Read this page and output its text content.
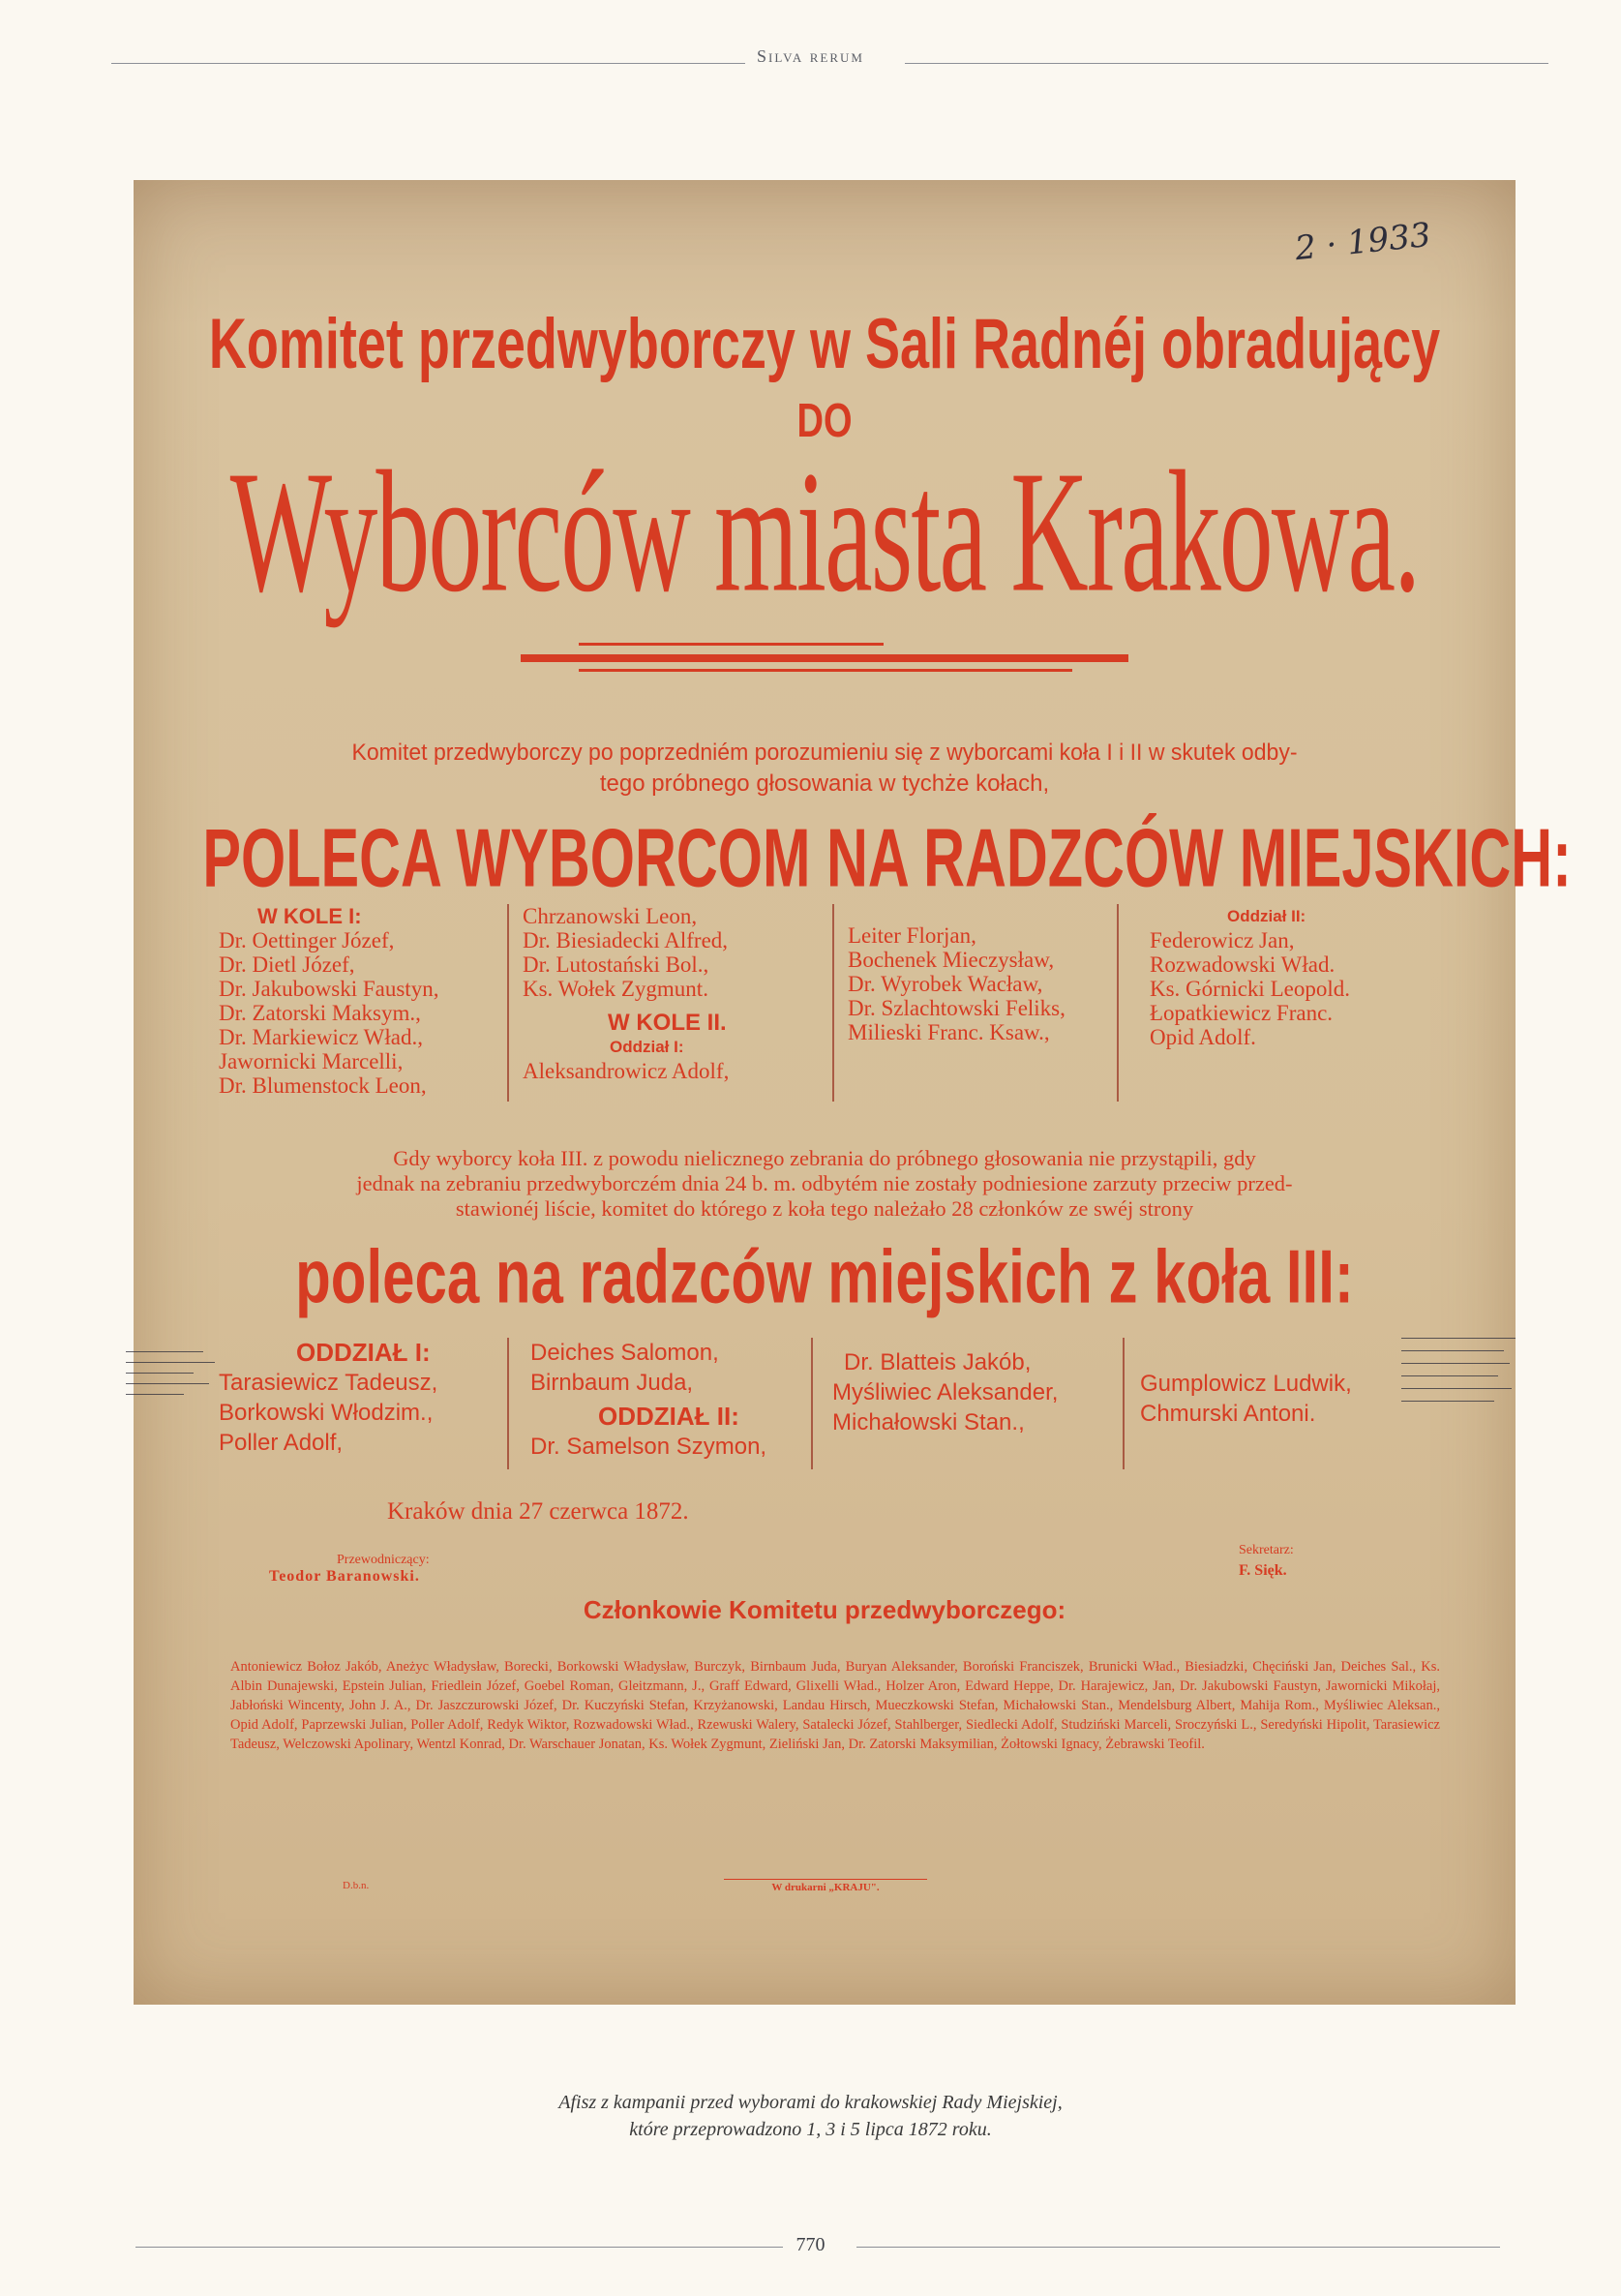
Silva rerum
2 · 1933
Komitet przedwyborczy w Sali Radnéj obradujący
DO
Wyborców miasta Krakowa.
Komitet przedwyborczy po poprzedniém porozumieniu się z wyborcami koła I i II w skutek odby-
tego próbnego głosowania w tychże kołach,
POLECA WYBORCOM NA RADZCÓW MIEJSKICH:
W KOLE I:
Dr. Oettinger Józef,
Dr. Dietl Józef,
Dr. Jakubowski Faustyn,
Dr. Zatorski Maksym.,
Dr. Markiewicz Wład.,
Jawornicki Marcelli,
Dr. Blumenstock Leon,
Chrzanowski Leon,
Dr. Biesiadecki Alfred,
Dr. Lutostański Bol.,
Ks. Wołek Zygmunt.
W KOLE II.
Oddział I:
Aleksandrowicz Adolf,
Leiter Florjan,
Bochenek Mieczysław,
Dr. Wyrobek Wacław,
Dr. Szlachtowski Feliks,
Milieski Franc. Ksaw.,
Oddział II:
Federowicz Jan,
Rozwadowski Wład.
Ks. Górnicki Leopold.
Łopatkiewicz Franc.
Opid Adolf.
Gdy wyborcy koła III. z powodu nielicznego zebrania do próbnego głosowania nie przystąpili, gdy
jednak na zebraniu przedwyborczém dnia 24 b. m. odbytém nie zostały podniesione zarzuty przeciw przed-
stawionéj liście, komitet do którego z koła tego należało 28 członków ze swéj strony
poleca na radzców miejskich z koła III:
ODDZIAŁ I:
Tarasiewicz Tadeusz,
Borkowski Włodzim.,
Poller Adolf,
Deiches Salomon,
Birnbaum Juda,
ODDZIAŁ II:
Dr. Samelson Szymon,
Dr. Blatteis Jakób,
Myśliwiec Aleksander,
Michałowski Stan.,
Gumplowicz Ludwik,
Chmurski Antoni.
Kraków dnia 27 czerwca 1872.
Przewodniczący:
Teodor Baranowski.
Sekretarz:
F. Sięk.
Członkowie Komitetu przedwyborczego:
Antoniewicz Bołoz Jakób, Aneżyc Władysław, Borecki, Borkowski Władysław, Burczyk, Birnbaum Juda, Buryan Aleksander, Boroński Franciszek, Brunicki Wład., Biesiadzki, Chęciński Jan, Deiches Sal., Ks. Albin Dunajewski, Epstein Julian, Friedlein Józef, Goebel Roman, Gleitzmann, J., Graff Edward, Glixelli Wład., Holzer Aron, Edward Heppe, Dr. Harajewicz, Jan, Dr. Jakubowski Faustyn, Jawornicki Mikołaj, Jabłoński Wincenty, John J. A., Dr. Jaszczurowski Józef, Dr. Kuczyński Stefan, Krzyżanowski, Landau Hirsch, Mueczkowski Stefan, Michałowski Stan., Mendelsburg Albert, Mahija Rom., Myśliwiec Aleksan., Opid Adolf, Paprzewski Julian, Poller Adolf, Redyk Wiktor, Rozwadowski Wład., Rzewuski Walery, Satalecki Józef, Stahlberger, Siedlecki Adolf, Studziński Marceli, Sroczyński L., Seredyński Hipolit, Tarasiewicz Tadeusz, Welczowski Apolinary, Wentzl Konrad, Dr. Warschauer Jonatan, Ks. Wołek Zygmunt, Zieliński Jan, Dr. Zatorski Maksymilian, Żołtowski Ignacy, Żebrawski Teofil.
D.b.n.	W drukarni „KRAJU".
Afisz z kampanii przed wyborami do krakowskiej Rady Miejskiej,
które przeprowadzono 1, 3 i 5 lipca 1872 roku.
770
